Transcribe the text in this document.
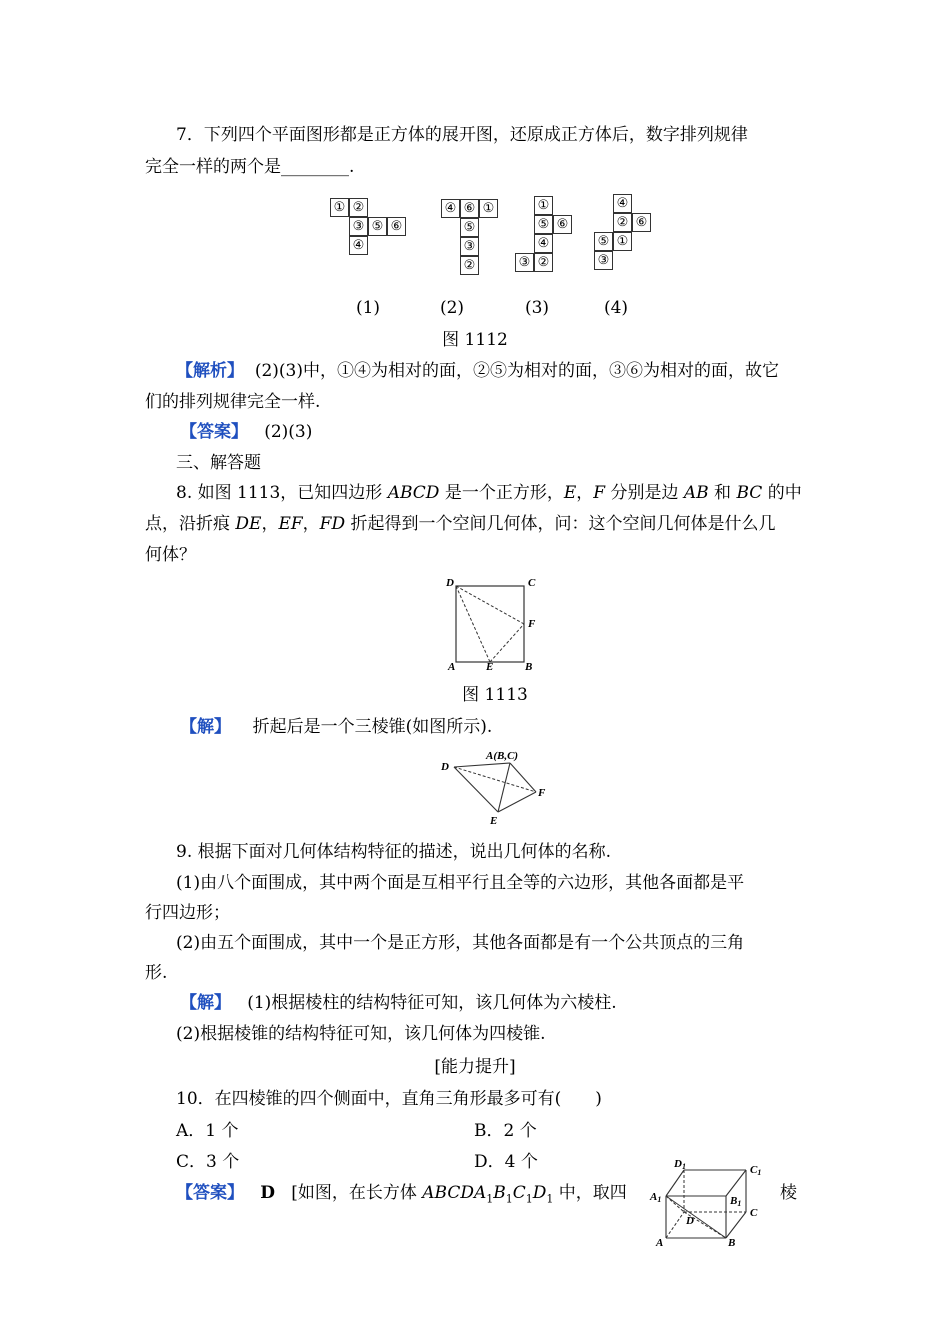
7．下列四个平面图形都是正方体的展开图，还原成正方体后，数字排列规律
完全一样的两个是________.
① ②
③ ⑤ ⑥
④
④ ⑥ ①
⑤
③
②
①
⑤ ⑥
④
③ ②
④
② ⑥
⑤ ①
③
(1)	(2)	(3)	(4)
图 1112
【解析】 (2)(3)中，①④为相对的面，②⑤为相对的面，③⑥为相对的面，故它
们的排列规律完全一样.
【答案】 (2)(3)
三、解答题
8. 如图 1113，已知四边形 ABCD 是一个正方形，E，F 分别是边 AB 和 BC 的中
点，沿折痕 DE，EF，FD 折起得到一个空间几何体，问：这个空间几何体是什么几
何体？
D	C
F
A	E	B
图 1113
【解】 折起后是一个三棱锥(如图所示).
A(B,C)
D
F
E
9. 根据下面对几何体结构特征的描述，说出几何体的名称.
(1)由八个面围成，其中两个面是互相平行且全等的六边形，其他各面都是平
行四边形；
(2)由五个面围成，其中一个是正方形，其他各面都是有一个公共顶点的三角
形.
【解】 (1)根据棱柱的结构特征可知，该几何体为六棱柱.
(2)根据棱锥的结构特征可知，该几何体为四棱锥.
[能力提升]
10．在四棱锥的四个侧面中，直角三角形最多可有(　　)
A．1 个	B．2 个
C．3 个	D．4 个
【答案】 D [如图，在长方体 $ABCDA_1B_1C_1D_1$ 中，取四	棱
D1	C1
A1	B1
D
C
A	B
